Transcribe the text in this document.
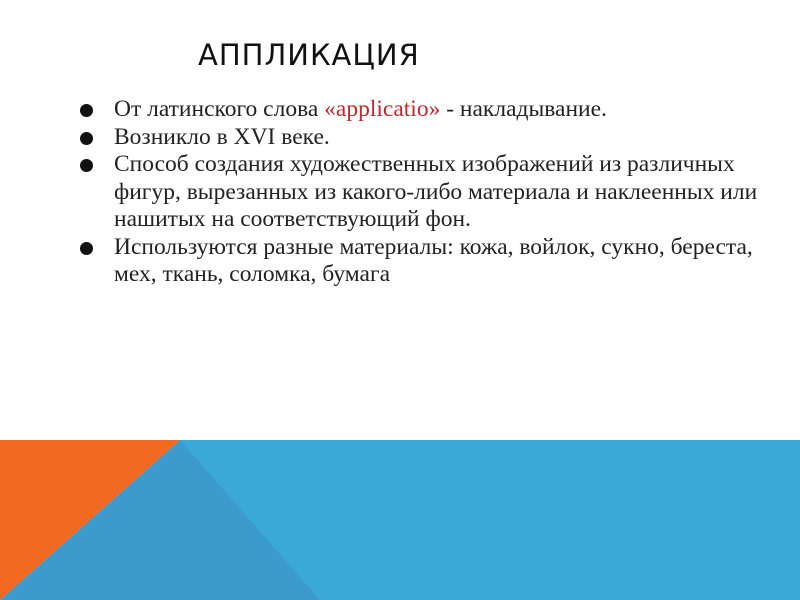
АППЛИКАЦИЯ
От латинского слова «applicatio» - накладывание.
Возникло в XVI веке.
Способ создания художественных изображений из различных фигур, вырезанных из какого-либо материала и наклеенных или нашитых на соответствующий фон.
Используются разные материалы: кожа, войлок, сукно, береста, мех, ткань, соломка, бумага
